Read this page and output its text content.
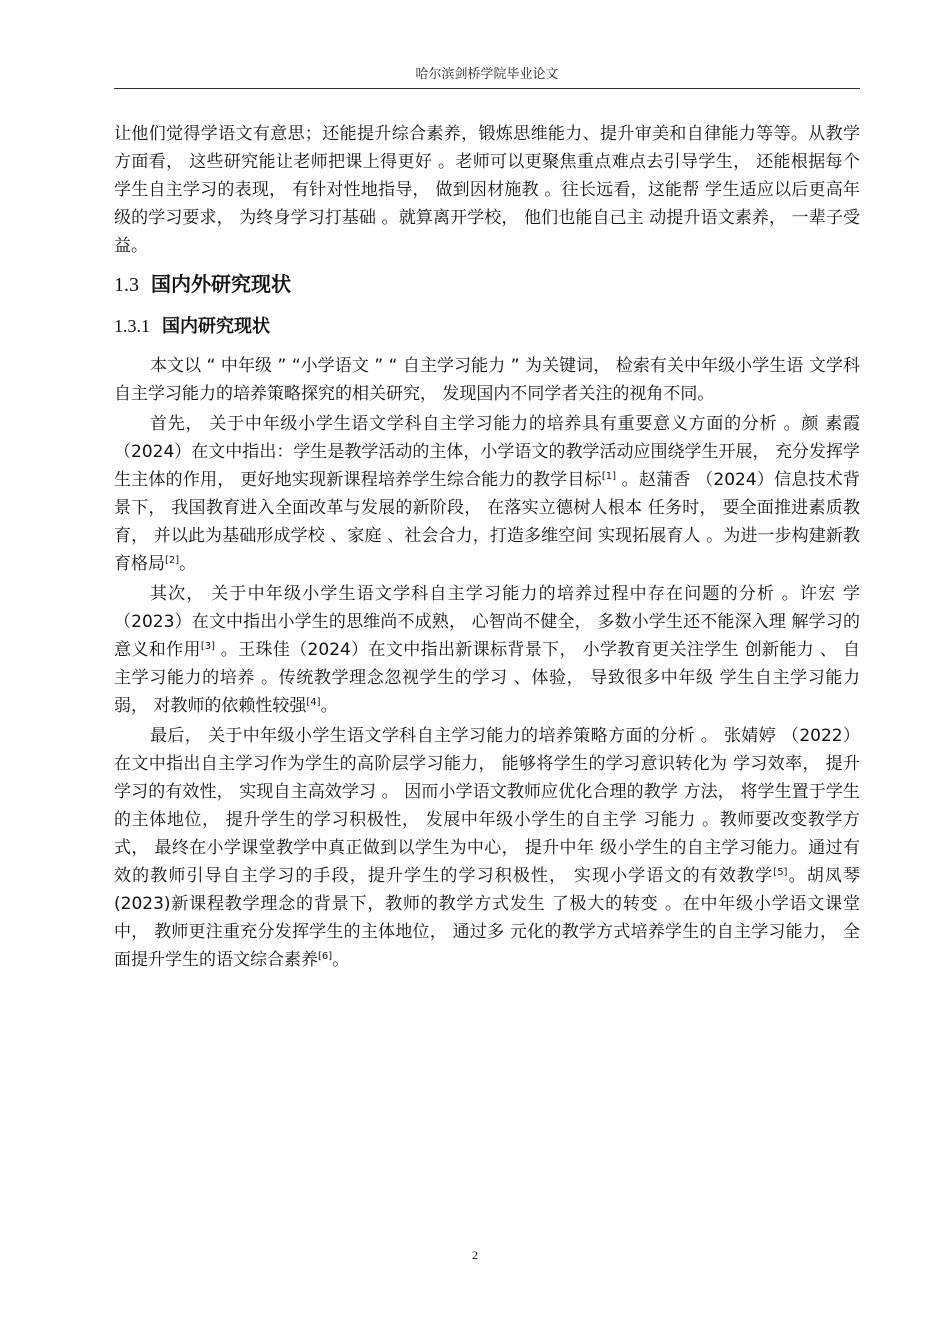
哈尔滨剑桥学院毕业论文

让他们觉得学语文有意思；还能提升综合素养，锻炼思维能力、提升审美和自律能力等等。从教学方面看， 这些研究能让老师把课上得更好 。老师可以更聚焦重点难点去引导学生， 还能根据每个学生自主学习的表现， 有针对性地指导， 做到因材施教 。往长远看，这能帮 学生适应以后更高年级的学习要求， 为终身学习打基础 。就算离开学校， 他们也能自己主 动提升语文素养， 一辈子受益。

1.3 国内外研究现状
1.3.1 国内研究现状

本文以 “ 中年级 ” “小学语文 ” “ 自主学习能力 ” 为关键词， 检索有关中年级小学生语 文学科自主学习能力的培养策略探究的相关研究， 发现国内不同学者关注的视角不同。

首先， 关于中年级小学生语文学科自主学习能力的培养具有重要意义方面的分析 。颜 素霞（2024）在文中指出：学生是教学活动的主体，小学语文的教学活动应围绕学生开展， 充分发挥学生主体的作用， 更好地实现新课程培养学生综合能力的教学目标[1] 。赵蒲香 （2024）信息技术背景下， 我国教育进入全面改革与发展的新阶段， 在落实立德树人根本 任务时， 要全面推进素质教育， 并以此为基础形成学校 、家庭 、社会合力，打造多维空间 实现拓展育人 。为进一步构建新教育格局[2]。

其次， 关于中年级小学生语文学科自主学习能力的培养过程中存在问题的分析 。许宏 学（2023）在文中指出小学生的思维尚不成熟， 心智尚不健全， 多数小学生还不能深入理 解学习的意义和作用[3] 。王珠佳（2024）在文中指出新课标背景下， 小学教育更关注学生 创新能力 、 自主学习能力的培养 。传统教学理念忽视学生的学习 、体验， 导致很多中年级 学生自主学习能力弱， 对教师的依赖性较强[4]。

最后， 关于中年级小学生语文学科自主学习能力的培养策略方面的分析 。 张婧婷 （2022）在文中指出自主学习作为学生的高阶层学习能力， 能够将学生的学习意识转化为 学习效率， 提升学习的有效性， 实现自主高效学习 。 因而小学语文教师应优化合理的教学 方法， 将学生置于学生的主体地位， 提升学生的学习积极性， 发展中年级小学生的自主学 习能力 。教师要改变教学方式， 最终在小学课堂教学中真正做到以学生为中心， 提升中年 级小学生的自主学习能力。通过有效的教师引导自主学习的手段，提升学生的学习积极性， 实现小学语文的有效教学[5]。胡凤琴(2023)新课程教学理念的背景下，教师的教学方式发生 了极大的转变 。在中年级小学语文课堂中， 教师更注重充分发挥学生的主体地位， 通过多 元化的教学方式培养学生的自主学习能力， 全面提升学生的语文综合素养[6]。

2
